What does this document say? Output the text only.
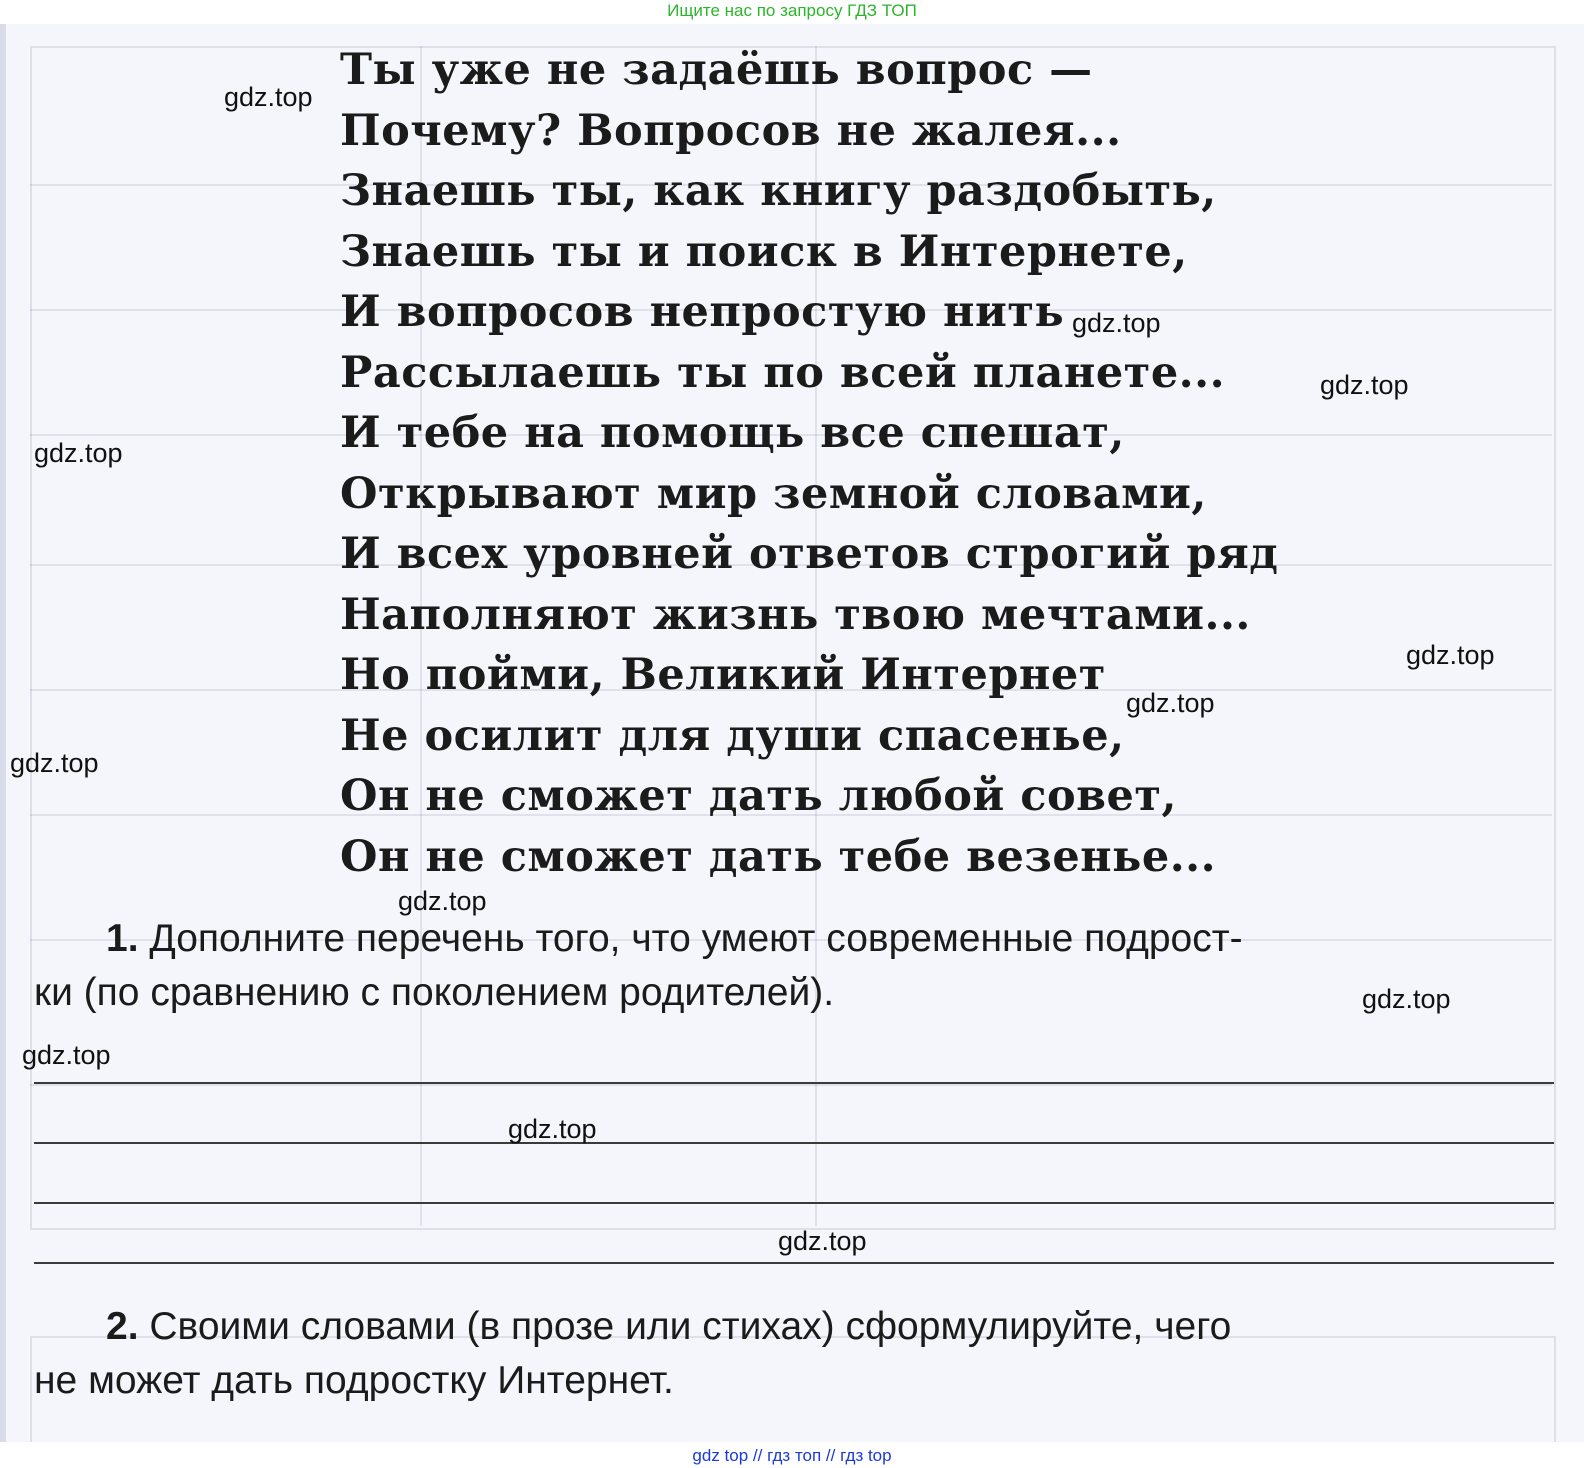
Ищите нас по запросу ГДЗ ТОП
Ты уже не задаёшь вопрос —
Почему? Вопросов не жалея...
Знаешь ты, как книгу раздобыть,
Знаешь ты и поиск в Интернете,
И вопросов непростую нить
Рассылаешь ты по всей планете...
И тебе на помощь все спешат,
Открывают мир земной словами,
И всех уровней ответов строгий ряд
Наполняют жизнь твою мечтами...
Но пойми, Великий Интернет
Не осилит для души спасенье,
Он не сможет дать любой совет,
Он не сможет дать тебе везенье...
1. Дополните перечень того, что умеют современные подрост-
ки (по сравнению с поколением родителей).
2. Своими словами (в прозе или стихах) сформулируйте, чего
не может дать подростку Интернет.
gdz.top
gdz.top
gdz.top
gdz.top
gdz.top
gdz.top
gdz.top
gdz.top
gdz.top
gdz.top
gdz.top
gdz.top
gdz top // гдз топ // гдз top
